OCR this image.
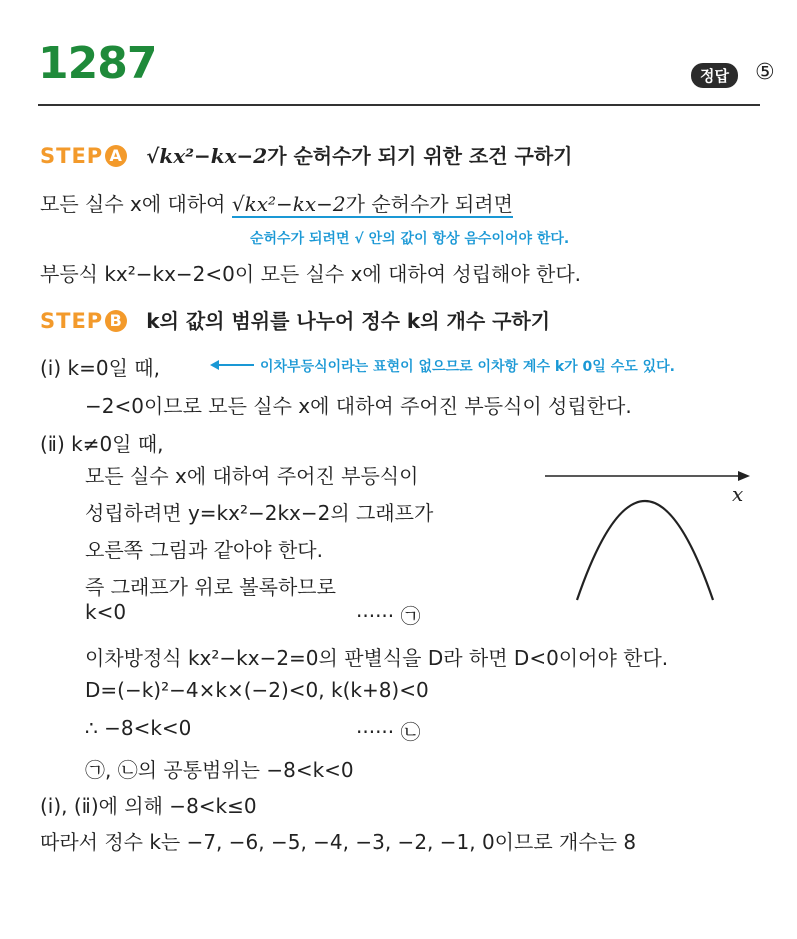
1287	정답	⑤
STEP A √kx²−kx−2가 순허수가 되기 위한 조건 구하기
모든 실수 x에 대하여 √kx²−kx−2가 순허수가 되려면
순허수가 되려면 √ 안의 값이 항상 음수이어야 한다.
부등식 kx²−kx−2<0이 모든 실수 x에 대하여 성립해야 한다.
STEP B k의 값의 범위를 나누어 정수 k의 개수 구하기
(ⅰ) k=0일 때,	이차부등식이라는 표현이 없으므로 이차항 계수 k가 0일 수도 있다.
−2<0이므로 모든 실수 x에 대하여 주어진 부등식이 성립한다.
(ⅱ) k≠0일 때,
모든 실수 x에 대하여 주어진 부등식이
성립하려면 y=kx²−2kx−2의 그래프가
오른쪽 그림과 같아야 한다.
즉 그래프가 위로 볼록하므로
k<0	······ ㉠
x
이차방정식 kx²−kx−2=0의 판별식을 D라 하면 D<0이어야 한다.
D=(−k)²−4×k×(−2)<0, k(k+8)<0
∴ −8<k<0	······ ㉡
㉠, ㉡의 공통범위는 −8<k<0
(ⅰ), (ⅱ)에 의해 −8<k≤0
따라서 정수 k는 −7, −6, −5, −4, −3, −2, −1, 0이므로 개수는 8
